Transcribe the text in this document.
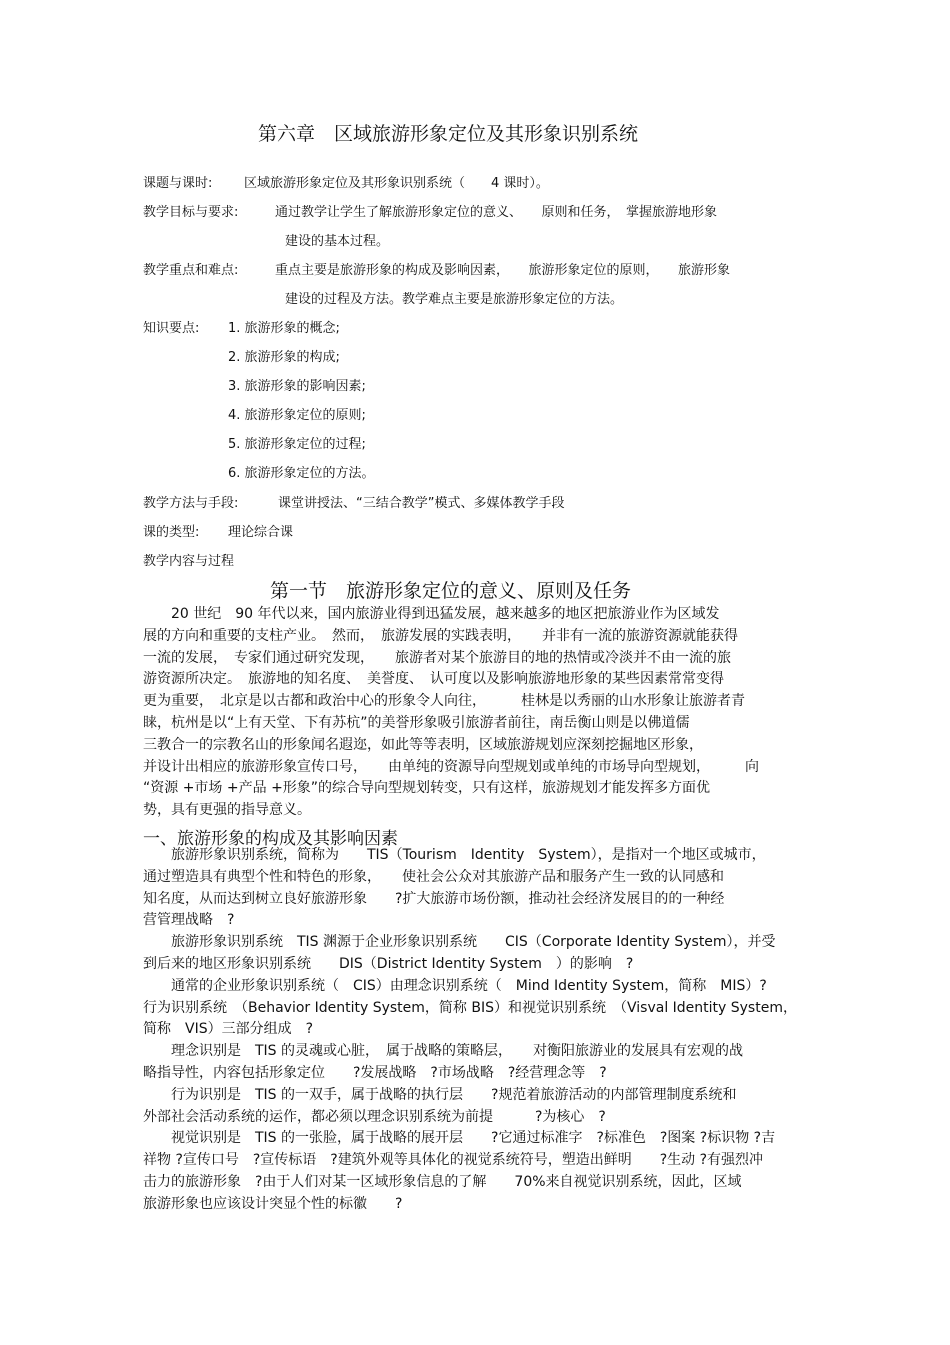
第六章　区域旅游形象定位及其形象识别系统
课题与课时: 区域旅游形象定位及其形象识别系统（　　4 课时）。
教学目标与要求:	通过教学让学生了解旅游形象定位的意义、　　原则和任务，　掌握旅游地形象
建设的基本过程。
教学重点和难点:	重点主要是旅游形象的构成及影响因素，　　旅游形象定位的原则，　　旅游形象
建设的过程及方法。教学难点主要是旅游形象定位的方法。
知识要点: 1. 旅游形象的概念;
2. 旅游形象的构成;
3. 旅游形象的影响因素;
4. 旅游形象定位的原则;
5. 旅游形象定位的过程;
6. 旅游形象定位的方法。
教学方法与手段:	课堂讲授法、“三结合教学”模式、多媒体教学手段
课的类型: 理论综合课
教学内容与过程
第一节　旅游形象定位的意义、原则及任务
　　20 世纪　90 年代以来，国内旅游业得到迅猛发展，越来越多的地区把旅游业作为区域发
展的方向和重要的支柱产业。　然而，　旅游发展的实践表明，　　并非有一流的旅游资源就能获得
一流的发展，　专家们通过研究发现，　　旅游者对某个旅游目的地的热情或冷淡并不由一流的旅
游资源所决定。　旅游地的知名度、　美誉度、　认可度以及影响旅游地形象的某些因素常常变得
更为重要，　北京是以古都和政治中心的形象令人向往，　　　桂林是以秀丽的山水形象让旅游者青
睐，杭州是以“上有天堂、下有苏杭”的美誉形象吸引旅游者前往，南岳衡山则是以佛道儒
三教合一的宗教名山的形象闻名遐迩，如此等等表明，区域旅游规划应深刻挖掘地区形象，
并设计出相应的旅游形象宣传口号，　　由单纯的资源导向型规划或单纯的市场导向型规划，　　　向
“资源 +市场 +产品 +形象”的综合导向型规划转变，只有这样，旅游规划才能发挥多方面优
势，具有更强的指导意义。
一、旅游形象的构成及其影响因素
　　旅游形象识别系统，简称为　　TIS（Tourism　Identity　System），是指对一个地区或城市，
通过塑造具有典型个性和特色的形象，　　使社会公众对其旅游产品和服务产生一致的认同感和
知名度，从而达到树立良好旅游形象　　?扩大旅游市场份额，推动社会经济发展目的的一种经
营管理战略　?
　　旅游形象识别系统　TIS 渊源于企业形象识别系统　　CIS（Corporate Identity System），并受
到后来的地区形象识别系统　　DIS（District Identity System　）的影响　?
　　通常的企业形象识别系统（　CIS）由理念识别系统（　Mind Identity System，简称　MIS）?
行为识别系统　（Behavior Identity System，简称 BIS）和视觉识别系统　（Visval Identity System，
简称　VIS）三部分组成　?
　　理念识别是　TIS 的灵魂或心脏，　属于战略的策略层，　　对衡阳旅游业的发展具有宏观的战
略指导性，内容包括形象定位　　?发展战略　?市场战略　?经营理念等　?
　　行为识别是　TIS 的一双手，属于战略的执行层　　?规范着旅游活动的内部管理制度系统和
外部社会活动系统的运作，都必须以理念识别系统为前提　　　?为核心　?
　　视觉识别是　TIS 的一张脸，属于战略的展开层　　?它通过标准字　?标准色　?图案 ?标识物 ?吉
祥物 ?宣传口号　?宣传标语　?建筑外观等具体化的视觉系统符号，塑造出鲜明　　?生动 ?有强烈冲
击力的旅游形象　?由于人们对某一区域形象信息的了解　　70%来自视觉识别系统，因此，区域
旅游形象也应该设计突显个性的标徽　　?
